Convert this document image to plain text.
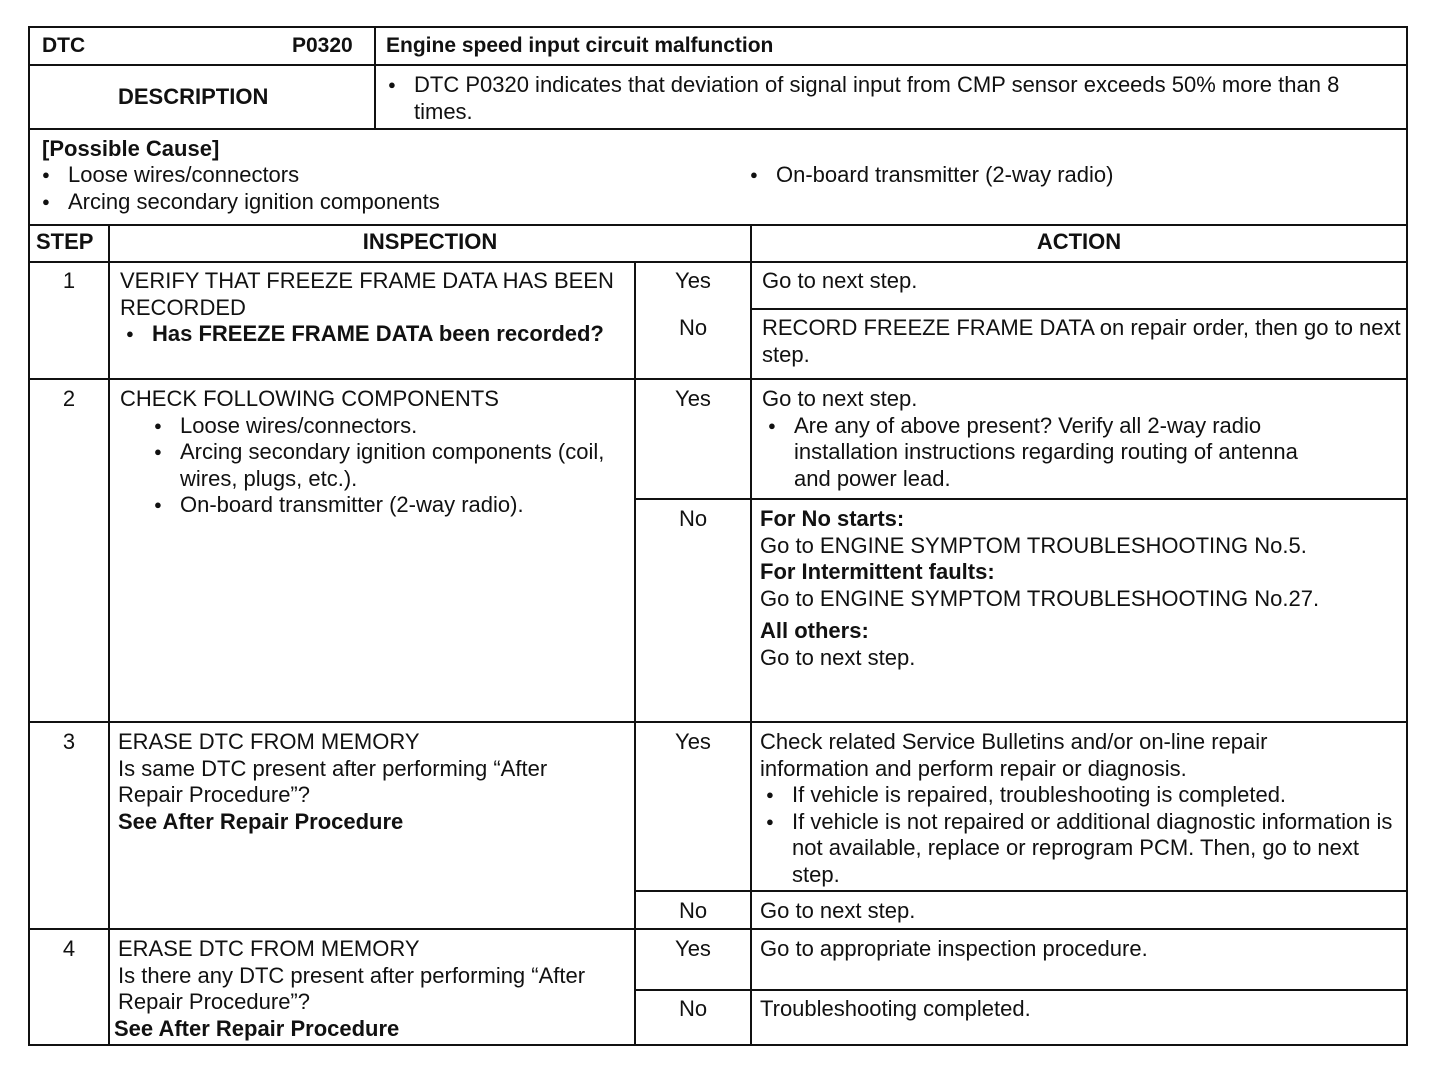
DTC	P0320 Engine speed input circuit malfunction
DESCRIPTION	● DTC P0320 indicates that deviation of signal input from CMP sensor exceeds 50% more than 8 times.
[Possible Cause]
● Loose wires/connectors
● Arcing secondary ignition components
● On-board transmitter (2-way radio)
STEP	INSPECTION	ACTION
1	VERIFY THAT FREEZE FRAME DATA HAS BEEN RECORDED
● Has FREEZE FRAME DATA been recorded?
Yes	Go to next step.
No	RECORD FREEZE FRAME DATA on repair order, then go to next step.
2	CHECK FOLLOWING COMPONENTS
● Loose wires/connectors.
● Arcing secondary ignition components (coil, wires, plugs, etc.).
● On-board transmitter (2-way radio).
Yes	Go to next step.
● Are any of above present? Verify all 2-way radio installation instructions regarding routing of antenna and power lead.
No	For No starts:
Go to ENGINE SYMPTOM TROUBLESHOOTING No.5.
For Intermittent faults:
Go to ENGINE SYMPTOM TROUBLESHOOTING No.27.
All others:
Go to next step.
3	ERASE DTC FROM MEMORY
Is same DTC present after performing “After Repair Procedure”?
See After Repair Procedure
Yes	Check related Service Bulletins and/or on-line repair information and perform repair or diagnosis.
● If vehicle is repaired, troubleshooting is completed.
● If vehicle is not repaired or additional diagnostic information is not available, replace or reprogram PCM. Then, go to next step.
No	Go to next step.
4	ERASE DTC FROM MEMORY
Is there any DTC present after performing “After Repair Procedure”?
See After Repair Procedure
Yes	Go to appropriate inspection procedure.
No	Troubleshooting completed.
